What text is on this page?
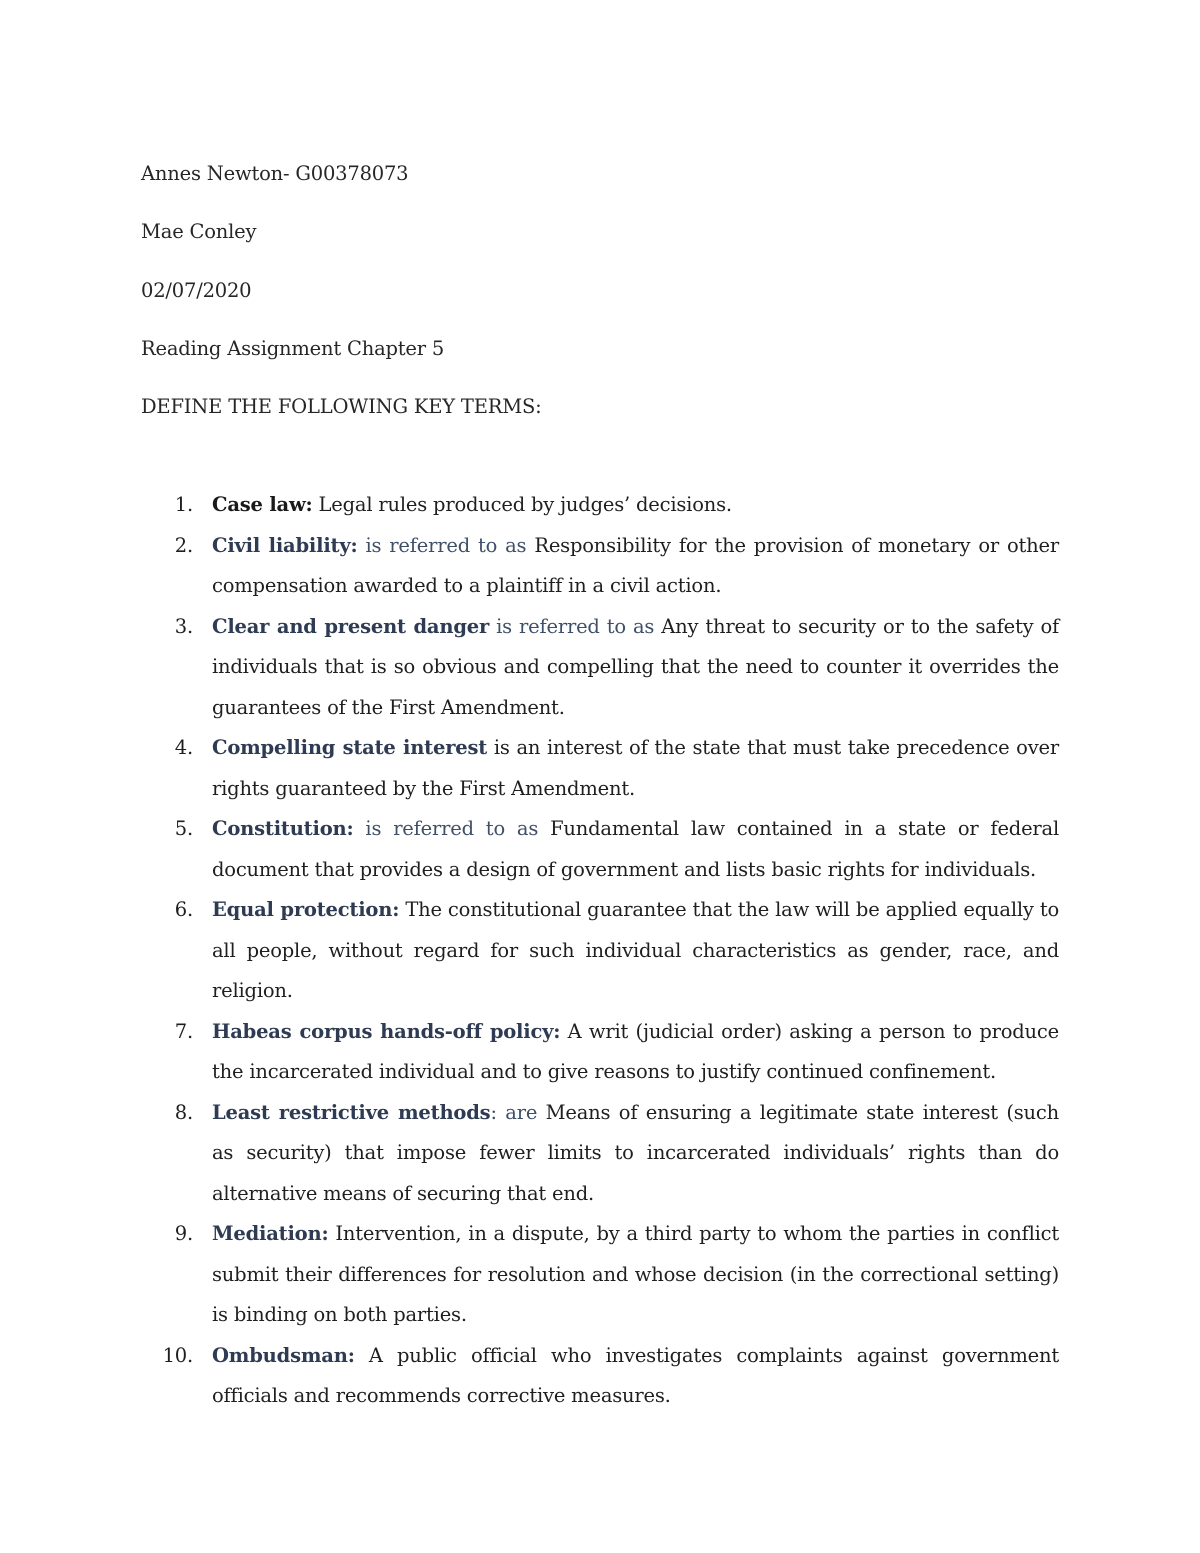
Annes Newton- G00378073
Mae Conley
02/07/2020
Reading Assignment Chapter 5
DEFINE THE FOLLOWING KEY TERMS:
1. Case law: Legal rules produced by judges’ decisions.
2. Civil liability: is referred to as Responsibility for the provision of monetary or other compensation awarded to a plaintiff in a civil action.
3. Clear and present danger is referred to as Any threat to security or to the safety of individuals that is so obvious and compelling that the need to counter it overrides the guarantees of the First Amendment.
4. Compelling state interest is an interest of the state that must take precedence over rights guaranteed by the First Amendment.
5. Constitution: is referred to as Fundamental law contained in a state or federal document that provides a design of government and lists basic rights for individuals.
6. Equal protection: The constitutional guarantee that the law will be applied equally to all people, without regard for such individual characteristics as gender, race, and religion.
7. Habeas corpus hands-off policy: A writ (judicial order) asking a person to produce the incarcerated individual and to give reasons to justify continued confinement.
8. Least restrictive methods: are Means of ensuring a legitimate state interest (such as security) that impose fewer limits to incarcerated individuals’ rights than do alternative means of securing that end.
9. Mediation: Intervention, in a dispute, by a third party to whom the parties in conflict submit their differences for resolution and whose decision (in the correctional setting) is binding on both parties.
10. Ombudsman: A public official who investigates complaints against government officials and recommends corrective measures.
